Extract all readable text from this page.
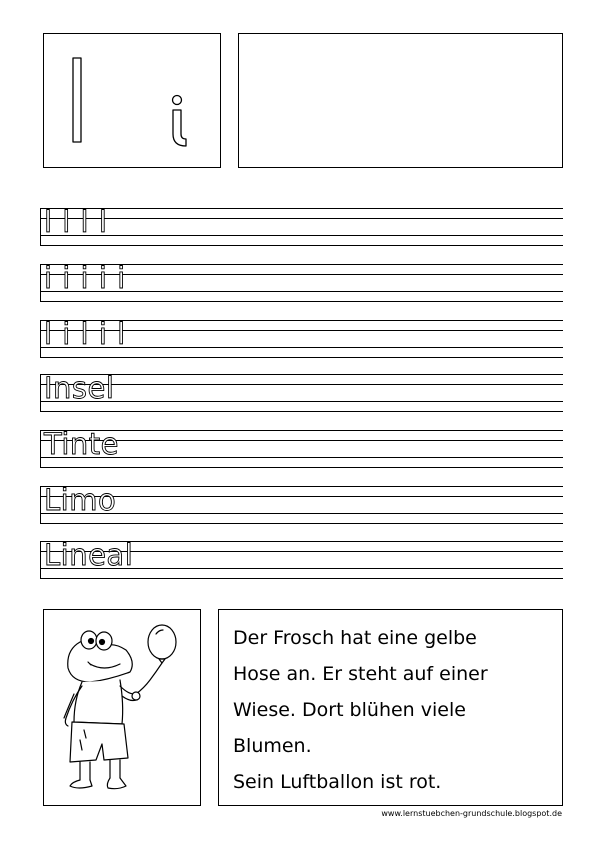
l l l l
i i i i i
l i l i l
Insel
Tinte
Limo
Lineal

Der Frosch hat eine gelbe

Hose an. Er steht auf einer

Wiese. Dort blühen viele

Blumen.

Sein Luftballon ist rot.

www.lernstuebchen-grundschule.blogspot.de
